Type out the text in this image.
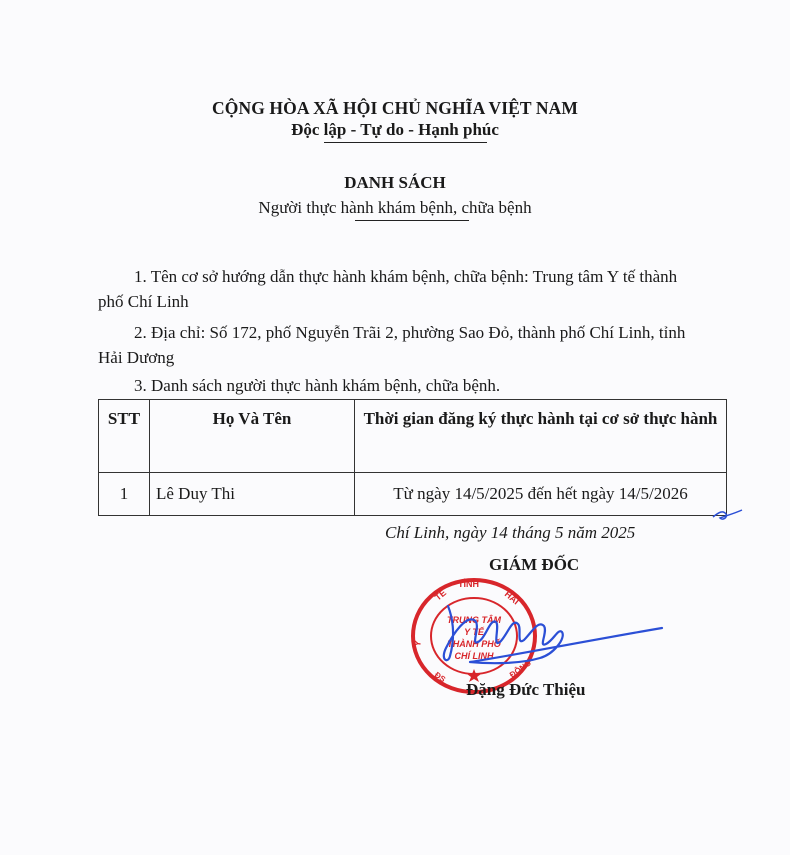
CỘNG HÒA XÃ HỘI CHỦ NGHĨA VIỆT NAM
Độc lập - Tự do - Hạnh phúc
DANH SÁCH
Người thực hành khám bệnh, chữa bệnh
1. Tên cơ sở hướng dẫn thực hành khám bệnh, chữa bệnh: Trung tâm Y tế thành phố Chí Linh
2. Địa chỉ: Số 172, phố Nguyễn Trãi 2, phường Sao Đỏ, thành phố Chí Linh, tỉnh Hải Dương
3. Danh sách người thực hành khám bệnh, chữa bệnh.
STT	Họ Và Tên	Thời gian đăng ký thực hành tại cơ sở thực hành
1	Lê Duy Thi	Từ ngày 14/5/2025 đến hết ngày 14/5/2026
Chí Linh, ngày 14 tháng 5 năm 2025
GIÁM ĐỐC
TẾ
TỈNH
HẢI
Y
ĐỘNG
ĐS
TRUNG TÂM
Y TẾ
THÀNH PHỐ
CHÍ LINH
Đặng Đức Thiệu
